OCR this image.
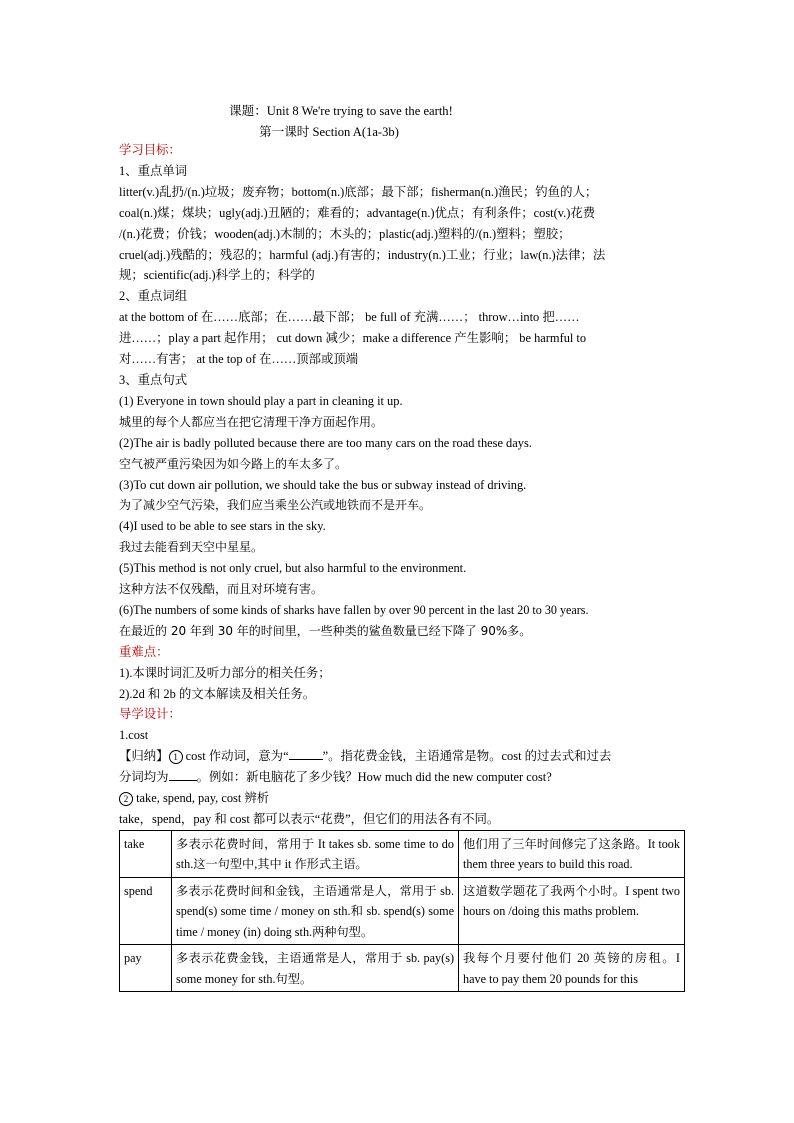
课题：Unit 8 We're trying to save the earth!
第一课时 Section A(1a-3b)
学习目标：
1、重点单词
litter(v.)乱扔/(n.)垃圾；废弃物；bottom(n.)底部；最下部；fisherman(n.)渔民；钓鱼的人；
coal(n.)煤；煤块；ugly(adj.)丑陋的；难看的；advantage(n.)优点；有利条件；cost(v.)花费
/(n.)花费；价钱；wooden(adj.)木制的；木头的；plastic(adj.)塑料的/(n.)塑料；塑胶；
cruel(adj.)残酷的；残忍的；harmful (adj.)有害的；industry(n.)工业；行业；law(n.)法律；法
规；scientific(adj.)科学上的；科学的
2、重点词组
at the bottom of 在……底部；在……最下部； be full of 充满……； throw…into 把……
进……；play a part 起作用； cut down 减少；make a difference 产生影响； be harmful to
对……有害； at the top of 在……顶部或顶端
3、重点句式
(1) Everyone in town should play a part in cleaning it up.
城里的每个人都应当在把它清理干净方面起作用。
(2)The air is badly polluted because there are too many cars on the road these days.
空气被严重污染因为如今路上的车太多了。
(3)To cut down air pollution, we should take the bus or subway instead of driving.
为了减少空气污染，我们应当乘坐公汽或地铁而不是开车。
(4)I used to be able to see stars in the sky.
我过去能看到天空中星星。
(5)This method is not only cruel, but also harmful to the environment.
这种方法不仅残酷，而且对环境有害。
(6)The numbers of some kinds of sharks have fallen by over 90 percent in the last 20 to 30 years.
在最近的 20 年到 30 年的时间里，一些种类的鲨鱼数量已经下降了 90%多。
重难点：
1).本课时词汇及听力部分的相关任务；
2).2d 和 2b 的文本解读及相关任务。
导学设计：
1.cost
【归纳】 1 cost 作动词，意为“	”。指花费金钱，主语通常是物。cost 的过去式和过去
分词均为 。例如：新电脑花了多少钱？How much did the new computer cost?
2 take, spend, pay, cost 辨析
take，spend，pay 和 cost 都可以表示“花费”，但它们的用法各有不同。
take	多表示花费时间，常用于 It takes sb. some time to do sth.这一句型中,其中 it 作形式主语。	他们用了三年时间修完了这条路。It took them three years to build this road.
spend	多表示花费时间和金钱，主语通常是人，常用于 sb. spend(s) some time / money on sth.和 sb. spend(s) some time / money (in) doing sth.两种句型。	这道数学题花了我两个小时。I spent two hours on /doing this maths problem.
pay	多表示花费金钱，主语通常是人，常用于 sb. pay(s) some money for sth.句型。	我每个月要付他们 20 英镑的房租。I have to pay them 20 pounds for this
